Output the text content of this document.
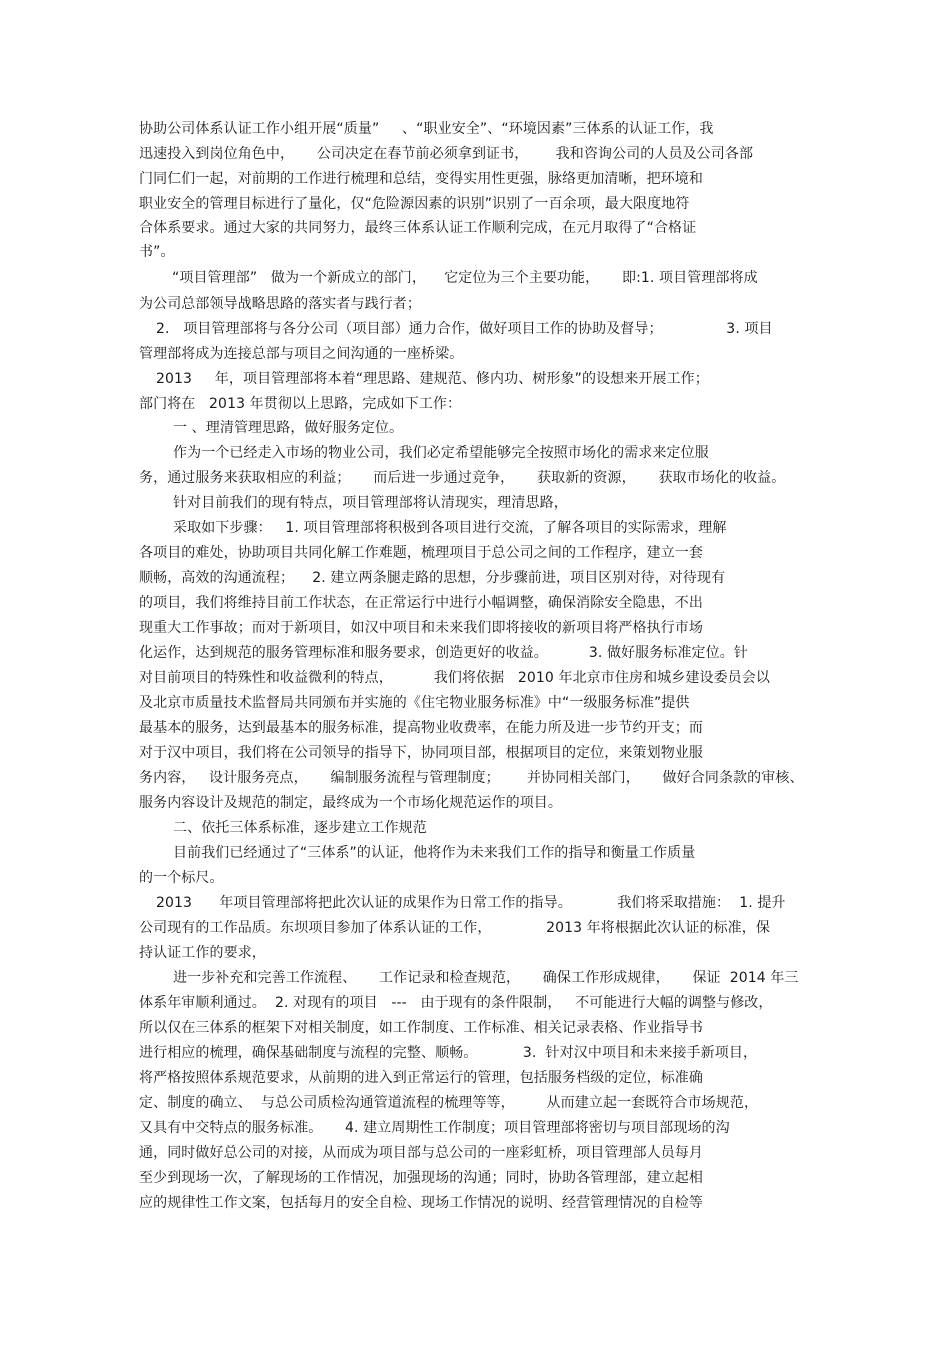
协助公司体系认证工作小组开展“质量”     、“职业安全”、“环境因素”三体系的认证工作，我

迅速投入到岗位角色中，     公司决定在春节前必须拿到证书，      我和咨询公司的人员及公司各部

门同仁们一起，对前期的工作进行梳理和总结，变得实用性更强，脉络更加清晰，把环境和

职业安全的管理目标进行了量化，仅“危险源因素的识别”识别了一百余项，最大限度地符

合体系要求。通过大家的共同努力，最终三体系认证工作顺利完成，在元月取得了“合格证

书”。

“项目管理部”   做为一个新成立的部门，    它定位为三个主要功能，     即:1. 项目管理部将成

为公司总部领导战略思路的落实者与践行者；

2.   项目管理部将与各分公司（项目部）通力合作，做好项目工作的协助及督导；              3. 项目

管理部将成为连接总部与项目之间沟通的一座桥梁。

2013     年，项目管理部将本着“理思路、建规范、修内功、树形象”的设想来开展工作；

部门将在   2013 年贯彻以上思路，完成如下工作：

一 、理清管理思路，做好服务定位。

作为一个已经走入市场的物业公司，我们必定希望能够完全按照市场化的需求来定位服

务，通过服务来获取相应的利益；     而后进一步通过竞争，     获取新的资源，     获取市场化的收益。

针对目前我们的现有特点，项目管理部将认清现实，理清思路，

采取如下步骤：   1. 项目管理部将积极到各项目进行交流，了解各项目的实际需求，理解

各项目的难处，协助项目共同化解工作难题，梳理项目于总公司之间的工作程序，建立一套

顺畅，高效的沟通流程；    2. 建立两条腿走路的思想，分步骤前进，项目区别对待，对待现有

的项目，我们将维持目前工作状态，在正常运行中进行小幅调整，确保消除安全隐患，不出

现重大工作事故；而对于新项目，如汉中项目和未来我们即将接收的新项目将严格执行市场

化运作，达到规范的服务管理标准和服务要求，创造更好的收益。         3. 做好服务标准定位。针

对目前项目的特殊性和收益微利的特点，         我们将依据   2010 年北京市住房和城乡建设委员会以

及北京市质量技术监督局共同颁布并实施的《住宅物业服务标准》中“一级服务标准”提供

最基本的服务，达到最基本的服务标准，提高物业收费率，在能力所及进一步节约开支；而

对于汉中项目，我们将在公司领导的指导下，协同项目部，根据项目的定位，来策划物业服

务内容，   设计服务亮点，     编制服务流程与管理制度；      并协同相关部门，     做好合同条款的审核、

服务内容设计及规范的制定，最终成为一个市场化规范运作的项目。

二、依托三体系标准，逐步建立工作规范

目前我们已经通过了“三体系”的认证，他将作为未来我们工作的指导和衡量工作质量

的一个标尺。

2013      年项目管理部将把此次认证的成果作为日常工作的指导。          我们将采取措施：  1. 提升

公司现有的工作品质。东坝项目参加了体系认证的工作，            2013 年将根据此次认证的标准，保

持认证工作的要求，

进一步补充和完善工作流程、     工作记录和检查规范，     确保工作形成规律，     保证  2014 年三

体系年审顺利通过。  2. 对现有的项目   ---   由于现有的条件限制，   不可能进行大幅的调整与修改，

所以仅在三体系的框架下对相关制度，如工作制度、工作标准、相关记录表格、作业指导书

进行相应的梳理，确保基础制度与流程的完整、顺畅。          3.  针对汉中项目和未来接手新项目，

将严格按照体系规范要求，从前期的进入到正常运行的管理，包括服务档级的定位，标准确

定、制度的确立、  与总公司质检沟通管道流程的梳理等等，       从而建立起一套既符合市场规范，

又具有中交特点的服务标准。     4. 建立周期性工作制度；项目管理部将密切与项目部现场的沟

通，同时做好总公司的对接，从而成为项目部与总公司的一座彩虹桥，项目管理部人员每月

至少到现场一次，了解现场的工作情况，加强现场的沟通；同时，协助各管理部，建立起相

应的规律性工作文案，包括每月的安全自检、现场工作情况的说明、经营管理情况的自检等
